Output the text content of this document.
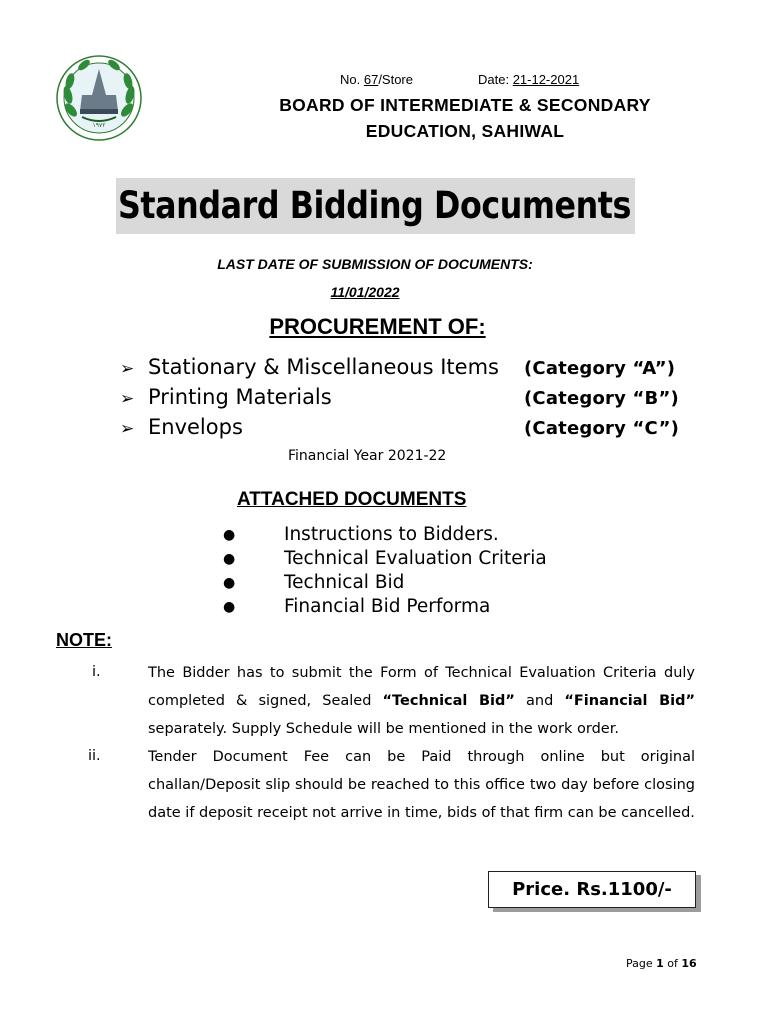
۱۹۷۲
No. 67/Store	Date: 21-12-2021
BOARD OF INTERMEDIATE & SECONDARY
EDUCATION, SAHIWAL
Standard Bidding Documents
LAST DATE OF SUBMISSION OF DOCUMENTS:
11/01/2022
PROCUREMENT OF:
➢ Stationary & Miscellaneous Items (Category “A”)
➢ Printing Materials	(Category “B”)
➢ Envelops	(Category “C”)
Financial Year 2021-22
ATTACHED DOCUMENTS
●	Instructions to Bidders.
●	Technical Evaluation Criteria
●	Technical Bid
●	Financial Bid Performa
NOTE:
i.	The Bidder has to submit the Form of Technical Evaluation Criteria duly completed & signed, Sealed “Technical Bid” and “Financial Bid” separately. Supply Schedule will be mentioned in the work order.
ii.	Tender Document Fee can be Paid through online but original challan/Deposit slip should be reached to this office two day before closing date if deposit receipt not arrive in time, bids of that firm can be cancelled.
Price. Rs.1100/-
Page 1 of 16
